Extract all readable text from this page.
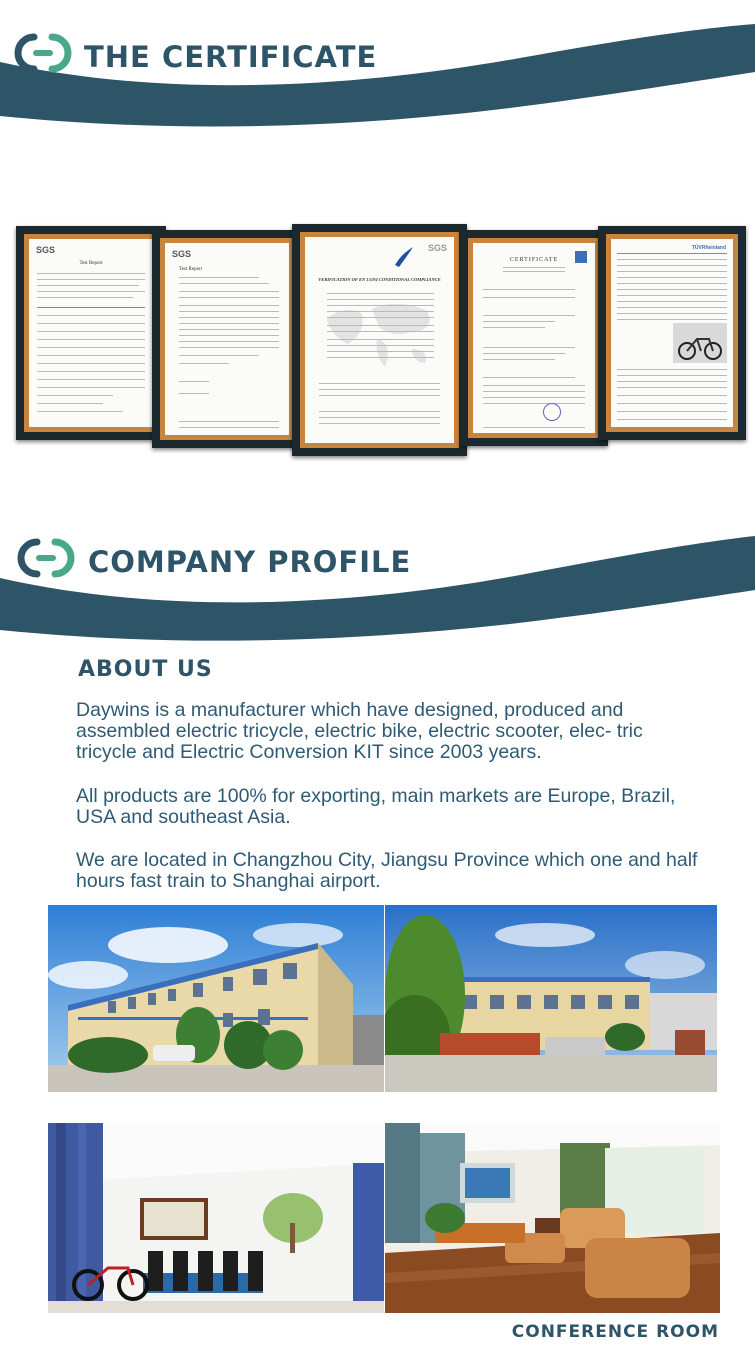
THE CERTIFICATE
SGS
Test Report
SGS
Test Report
SGS
VERIFICATION OF EN 15194 CONDITIONAL COMPLIANCE
CERTIFICATE
TÜVRheinland
COMPANY PROFILE
ABOUT US
Daywins is a manufacturer which have designed, produced and assembled electric tricycle, electric bike, electric scooter, elec- tric tricycle and Electric Conversion KIT since 2003 years.
All products are 100% for exporting, main markets are Europe, Brazil, USA and southeast Asia.
We are located in Changzhou City, Jiangsu Province which one and half hours fast train to Shanghai airport.
CONFERENCE ROOM
